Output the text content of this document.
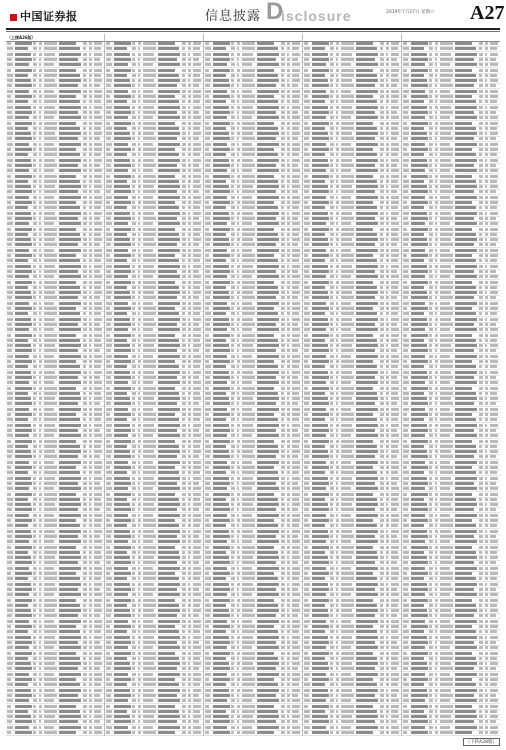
中国证券报	信息披露 D
isclosure	2019年7月27日 星期六 A27
（上接A26版）
（下转A28版）
